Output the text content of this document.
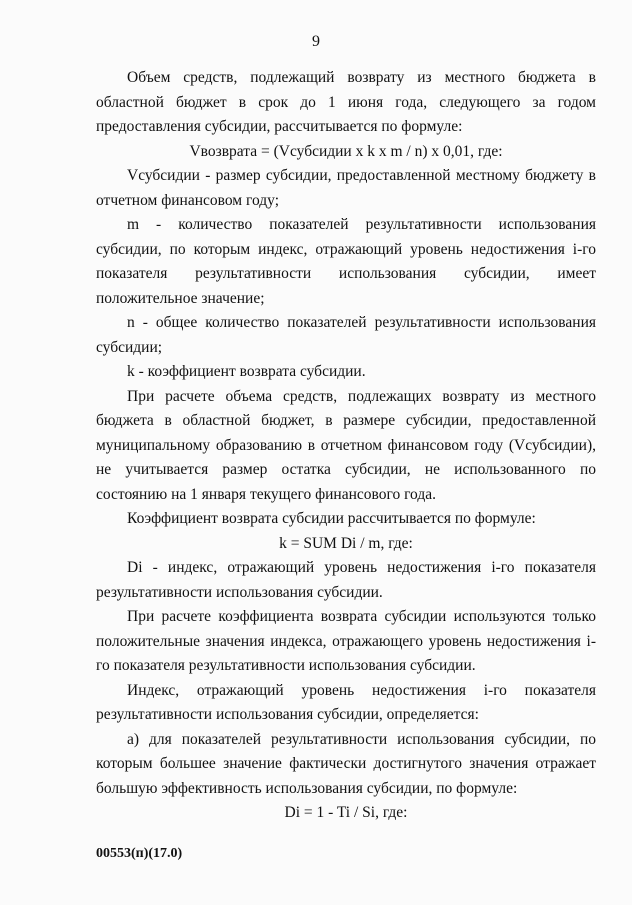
9

Объем средств, подлежащий возврату из местного бюджета в областной бюджет в срок до 1 июня года, следующего за годом предоставления субсидии, рассчитывается по формуле:

Vвозврата = (Vсубсидии x k x m / n) x 0,01, где:

Vсубсидии - размер субсидии, предоставленной местному бюджету в отчетном финансовом году;

m - количество показателей результативности использования субсидии, по которым индекс, отражающий уровень недостижения i-го показателя результативности использования субсидии, имеет положительное значение;

n - общее количество показателей результативности использования субсидии;

k - коэффициент возврата субсидии.

При расчете объема средств, подлежащих возврату из местного бюджета в областной бюджет, в размере субсидии, предоставленной муниципальному образованию в отчетном финансовом году (Vсубсидии), не учитывается размер остатка субсидии, не использованного по состоянию на 1 января текущего финансового года.

Коэффициент возврата субсидии рассчитывается по формуле:

k = SUM Di / m, где:

Di - индекс, отражающий уровень недостижения i-го показателя результативности использования субсидии.

При расчете коэффициента возврата субсидии используются только положительные значения индекса, отражающего уровень недостижения i-го показателя результативности использования субсидии.

Индекс, отражающий уровень недостижения i-го показателя результативности использования субсидии, определяется:

а) для показателей результативности использования субсидии, по которым большее значение фактически достигнутого значения отражает большую эффективность использования субсидии, по формуле:

Di = 1 - Ti / Si, где:

00553(п)(17.0)
